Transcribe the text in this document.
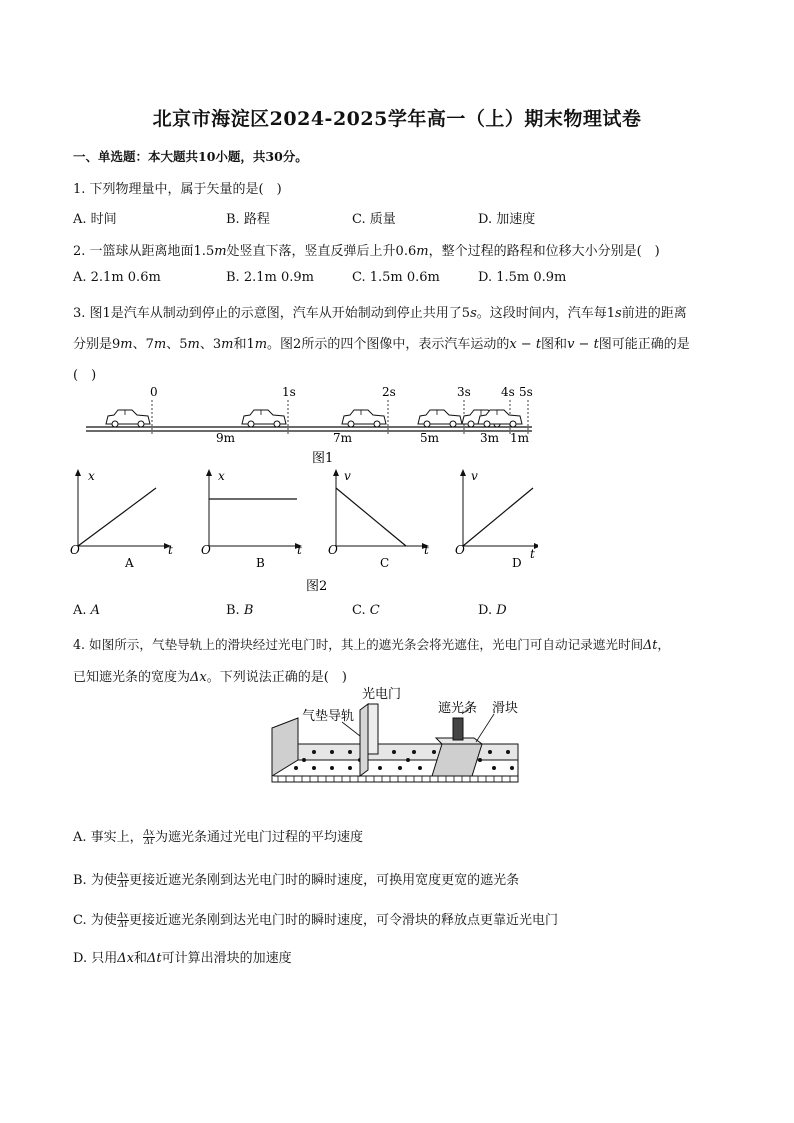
北京市海淀区2024-2025学年高一（上）期末物理试卷
一、单选题：本大题共10小题，共30分。
1. 下列物理量中，属于矢量的是(　)
A. 时间	B. 路程	C. 质量	D. 加速度
2. 一篮球从距离地面1.5m处竖直下落，竖直反弹后上升0.6m，整个过程的路程和位移大小分别是(　)
A. 2.1m 0.6m	B. 2.1m 0.9m	C. 1.5m 0.6m	D. 1.5m 0.9m
3. 图1是汽车从制动到停止的示意图，汽车从开始制动到停止共用了5s。这段时间内，汽车每1s前进的距离
分别是9m、7m、5m、3m和1m。图2所示的四个图像中，表示汽车运动的x − t图和v − t图可能正确的是
(　)
0	1s	2s	3s	4s 5s
9m	7m	5m	3m 1m
图1
x
t
O
A
x
t
O
B
v
t
O
C
v
t
O
D
图2
A. A	B. B	C. C	D. D
4. 如图所示，气垫导轨上的滑块经过光电门时，其上的遮光条会将光遮住，光电门可自动记录遮光时间Δt，
已知遮光条的宽度为Δx。下列说法正确的是(　)
光电门
气垫导轨
遮光条 滑块
A. 事实上， $\frac{\Delta x}{\Delta t}$ 为遮光条通过光电门过程的平均速度
B. 为使 $\frac{\Delta x}{\Delta t}$ 更接近遮光条刚到达光电门时的瞬时速度，可换用宽度更宽的遮光条
C. 为使 $\frac{\Delta x}{\Delta t}$ 更接近遮光条刚到达光电门时的瞬时速度，可令滑块的释放点更靠近光电门
D. 只用Δx和Δt可计算出滑块的加速度
